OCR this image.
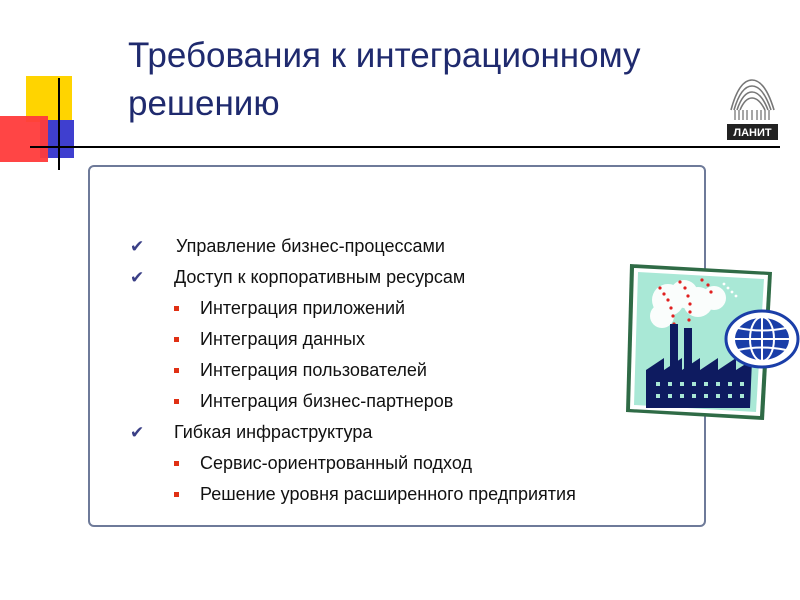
Требования к интеграционному
решению
ЛАНИТ
✔ Управление бизнес-процессами
✔ Доступ к корпоративным ресурсам
Интеграция приложений
Интеграция данных
Интеграция пользователей
Интеграция бизнес-партнеров
✔ Гибкая инфраструктура
Сервис-ориентрованный подход
Решение уровня расширенного предприятия
